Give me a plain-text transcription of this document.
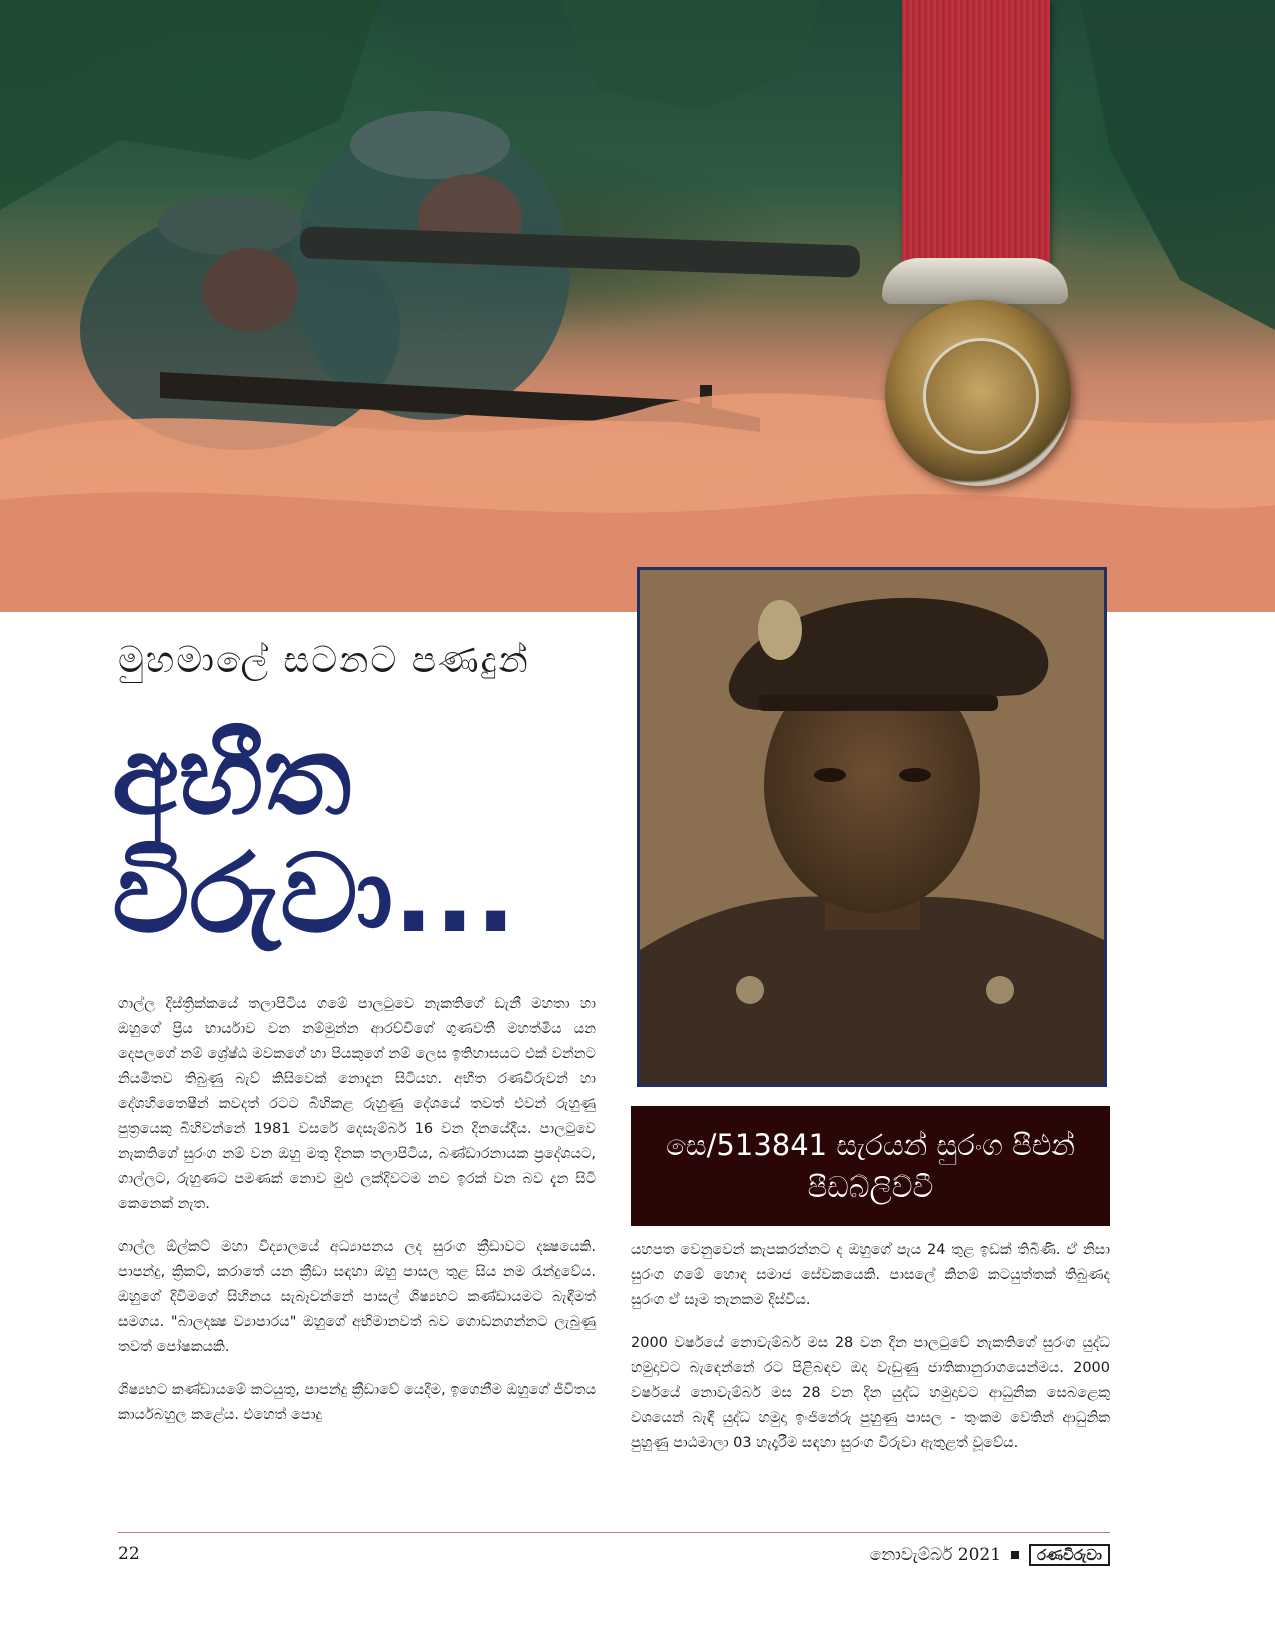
සෙ/513841 සැරයන් සුරංග පීඑන්
පීඩබ්ලිව්වී
මුහමාලේ සටනට පණදුන්
අභීත
විරුවා...

ගාල්ල දිස්ත්‍රික්කයේ තලාපිටිය ගමේ පාලටුවෙ නැකතිගේ ඩැනී මහතා හා ඔහුගේ ප්‍රිය භාර්යාව වන නම්මුන්න ආරච්චිගේ ගුණවතී මහත්මිය යන දෙපලගේ නම් ශ්‍රේෂ්ඨ මවකගේ හා පියකුගේ නම් ලෙස ඉතිහාසයට එක් වන්නට නියමිතව තිබුණු බැව් කිසිවෙක් නොදැන සිටියහ. අභීත රණවිරුවන් හා දේශහිතෛෂීන් කවදත් රටට බිහිකළ රුහුණු දේශයේ තවත් එවන් රුහුණු පුත්‍රයෙකු බිහිවන්නේ 1981 වසරේ දෙසැම්බර් 16 වන දිනයේදීය. පාලටුවෙ නැකතිගේ සුරංග නම් වන ඔහු මතු දිනක තලාපිටිය, බණ්ඩාරනායක ප්‍රදේශයට, ගාල්ලට, රුහුණට පමණක් නොව මුළු ලක්දිවටම නව ඉරක් වන බව දැන සිටි කෙනෙක් නැත.

ගාල්ල ඕල්කට් මහා විද්‍යාලයේ අධ්‍යාපනය ලද සුරංග ක්‍රීඩාවට දක්‍ෂයෙකි. පාපන්දු, ක්‍රිකට්, කරාතේ යන ක්‍රීඩා සඳහා ඔහු පාසල තුළ සිය නම රැන්දුවේය. ඔහුගේ දිවිමගේ සිහිනය සැබෑවන්නේ පාසල් ශිෂ්‍යභට කණ්ඩායමට බැඳීමත් සමගය. "බාලදක්‍ෂ ව්‍යාපාරය" ඔහුගේ අභිමානවත් බව ගොඩනගන්නට ලැබුණු තවත් පෝෂකයකි.

ශිෂ්‍යභට කණ්ඩායමේ කටයුතු, පාපන්දු ක්‍රීඩාවේ යෙදීම, ඉගෙනීම ඔහුගේ ජීවිතය කාර්යබහුල කළේය. එහෙත් පොදු

යහපත වෙනුවෙන් කැපකරන්නට ද ඔහුගේ පැය 24 තුළ ඉඩක් තිබිණි. ඒ නිසා සුරංග ගමේ හොඳ සමාජ සේවකයෙකි. පාසලේ කිනම් කටයුත්තක් තිබුණද සුරංග ඒ සෑම තැනකම දිස්විය.

2000 වර්ෂයේ නොවැම්බර් මස 28 වන දින පාලටුවේ නැකතිගේ සුරංග යුද්ධ හමුදාවට බැඳෙන්නේ රට පිළිබඳව ඔද වැඩුණු ජාතිකානුරාගයෙන්මය. 2000 වර්ෂයේ නොවැම්බර් මස 28 වන දින යුද්ධ හමුදාවට ආධුනික සෙබළෙකු වශයෙන් බැඳී යුද්ධ හමුදා ඉංජිනේරු පුහුණු පාසල - තුංකම වෙතින් ආධුනික පුහුණු පාඨමාලා 03 හැදෑරීම සඳහා සුරංග විරුවා ඇතුළත් වූවේය.

22	නොවැම්බර් 2021	රණවිරුවා
